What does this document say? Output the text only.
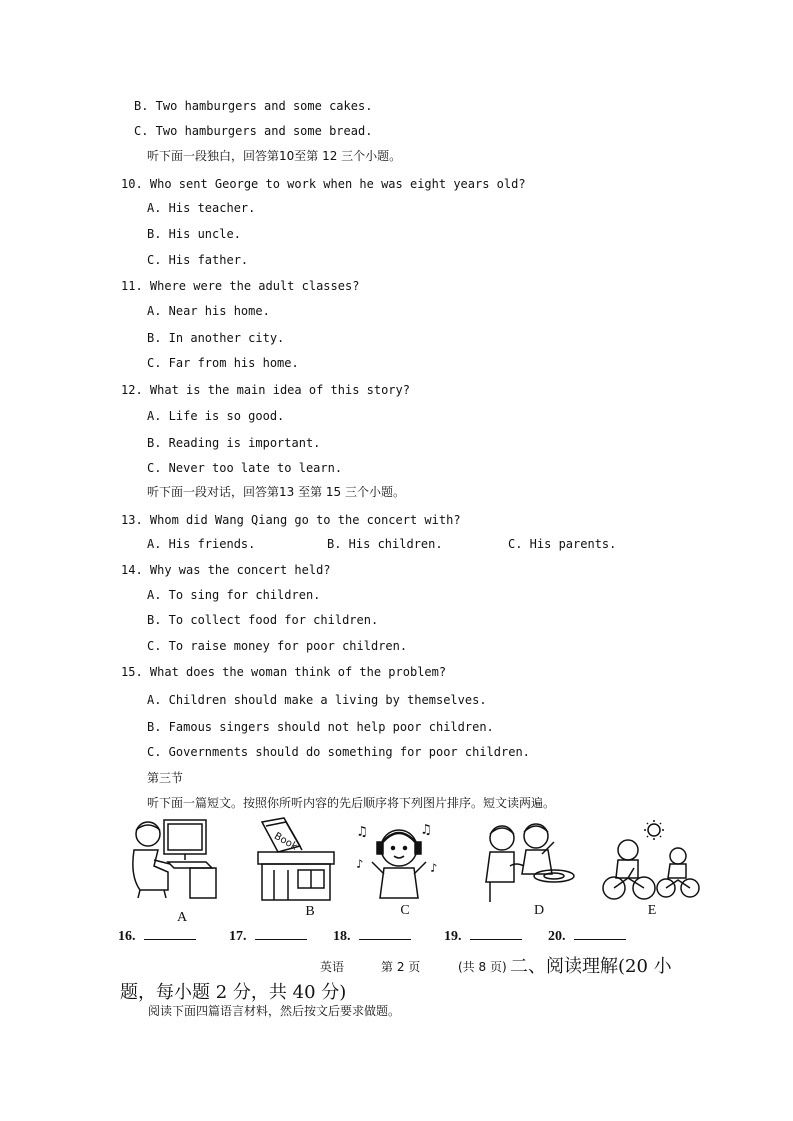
B. Two hamburgers and some cakes.
C. Two hamburgers and some bread.
听下面一段独白，回答第10至第 12 三个小题。
10. Who sent George to work when he was eight years old?
A. His teacher.
B. His uncle.
C. His father.
11. Where were the adult classes?
A. Near his home.
B. In another city.
C. Far from his home.
12. What is the main idea of this story?
A. Life is so good.
B. Reading is important.
C. Never too late to learn.
听下面一段对话，回答第13 至第 15 三个小题。
13. Whom did Wang Qiang go to the concert with?
A. His friends.	B. His children.	C. His parents.
14. Why was the concert held?
A. To sing for children.
B. To collect food for children.
C. To raise money for poor children.
15. What does the woman think of the problem?
A. Children should make a living by themselves.
B. Famous singers should not help poor children.
C. Governments should do something for poor children.
第三节
听下面一篇短文。按照你所听内容的先后顺序将下列图片排序。短文读两遍。
A
Book
B
♫	♫
♪	♪
C	D	E
16.	17.	18.	19.	20.
英语	第 2 页	(共 8 页) 二、阅读理解(20 小
题，每小题 2 分，共 40 分)
阅读下面四篇语言材料，然后按文后要求做题。
